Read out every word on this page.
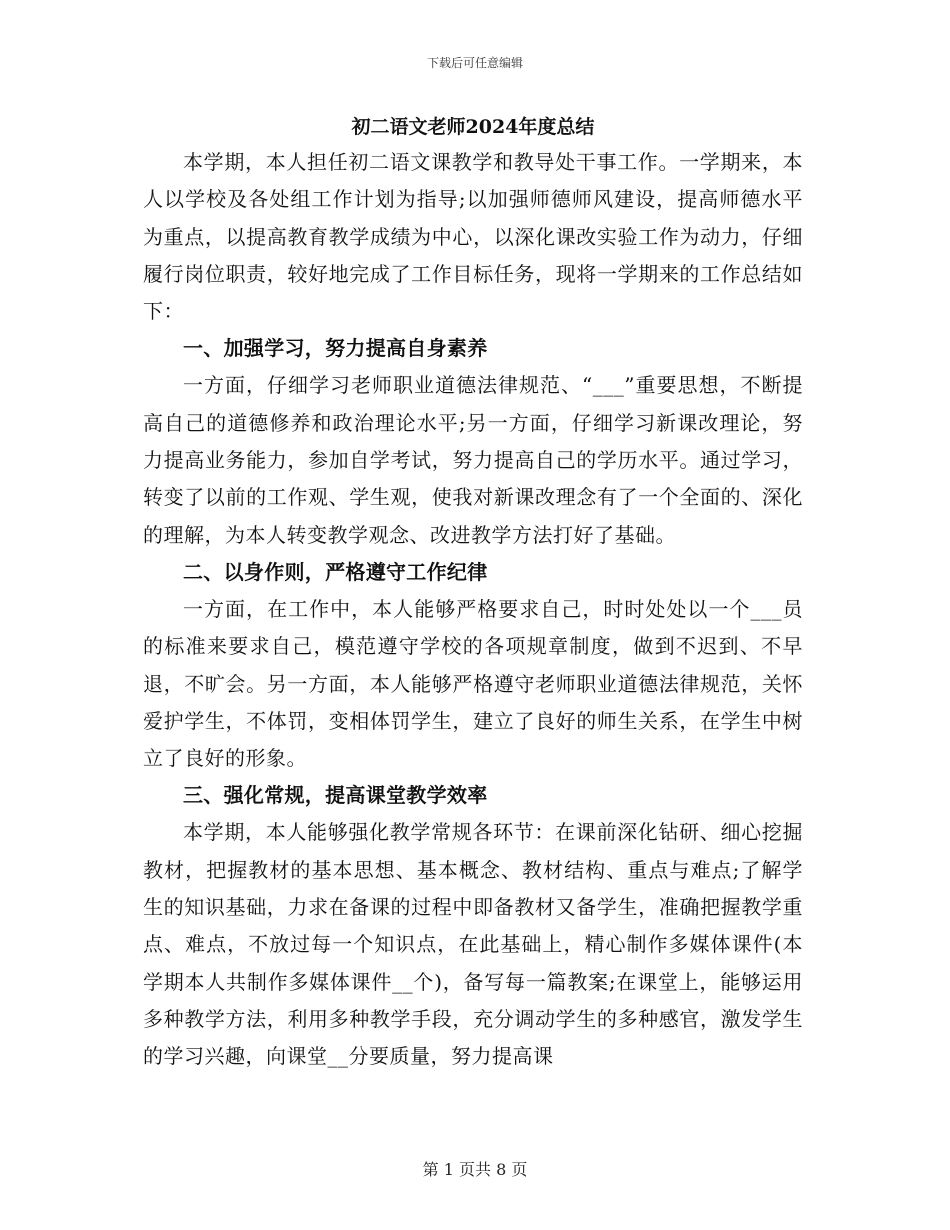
下载后可任意编辑
初二语文老师2024年度总结

本学期，本人担任初二语文课教学和教导处干事工作。一学期来，本人以学校及各处组工作计划为指导;以加强师德师风建设，提高师德水平为重点，以提高教育教学成绩为中心，以深化课改实验工作为动力，仔细履行岗位职责，较好地完成了工作目标任务，现将一学期来的工作总结如下：

一、加强学习，努力提高自身素养

一方面，仔细学习老师职业道德法律规范、“___”重要思想，不断提高自己的道德修养和政治理论水平;另一方面，仔细学习新课改理论，努力提高业务能力，参加自学考试，努力提高自己的学历水平。通过学习，转变了以前的工作观、学生观，使我对新课改理念有了一个全面的、深化的理解，为本人转变教学观念、改进教学方法打好了基础。

二、以身作则，严格遵守工作纪律

一方面，在工作中，本人能够严格要求自己，时时处处以一个___员的标准来要求自己，模范遵守学校的各项规章制度，做到不迟到、不早退，不旷会。另一方面，本人能够严格遵守老师职业道德法律规范，关怀爱护学生，不体罚，变相体罚学生，建立了良好的师生关系，在学生中树立了良好的形象。

三、强化常规，提高课堂教学效率

本学期，本人能够强化教学常规各环节：在课前深化钻研、细心挖掘教材，把握教材的基本思想、基本概念、教材结构、重点与难点;了解学生的知识基础，力求在备课的过程中即备教材又备学生，准确把握教学重点、难点，不放过每一个知识点，在此基础上，精心制作多媒体课件(本学期本人共制作多媒体课件__个)，备写每一篇教案;在课堂上，能够运用多种教学方法，利用多种教学手段，充分调动学生的多种感官，激发学生的学习兴趣，向课堂__分要质量，努力提高课

第 1 页共 8 页
